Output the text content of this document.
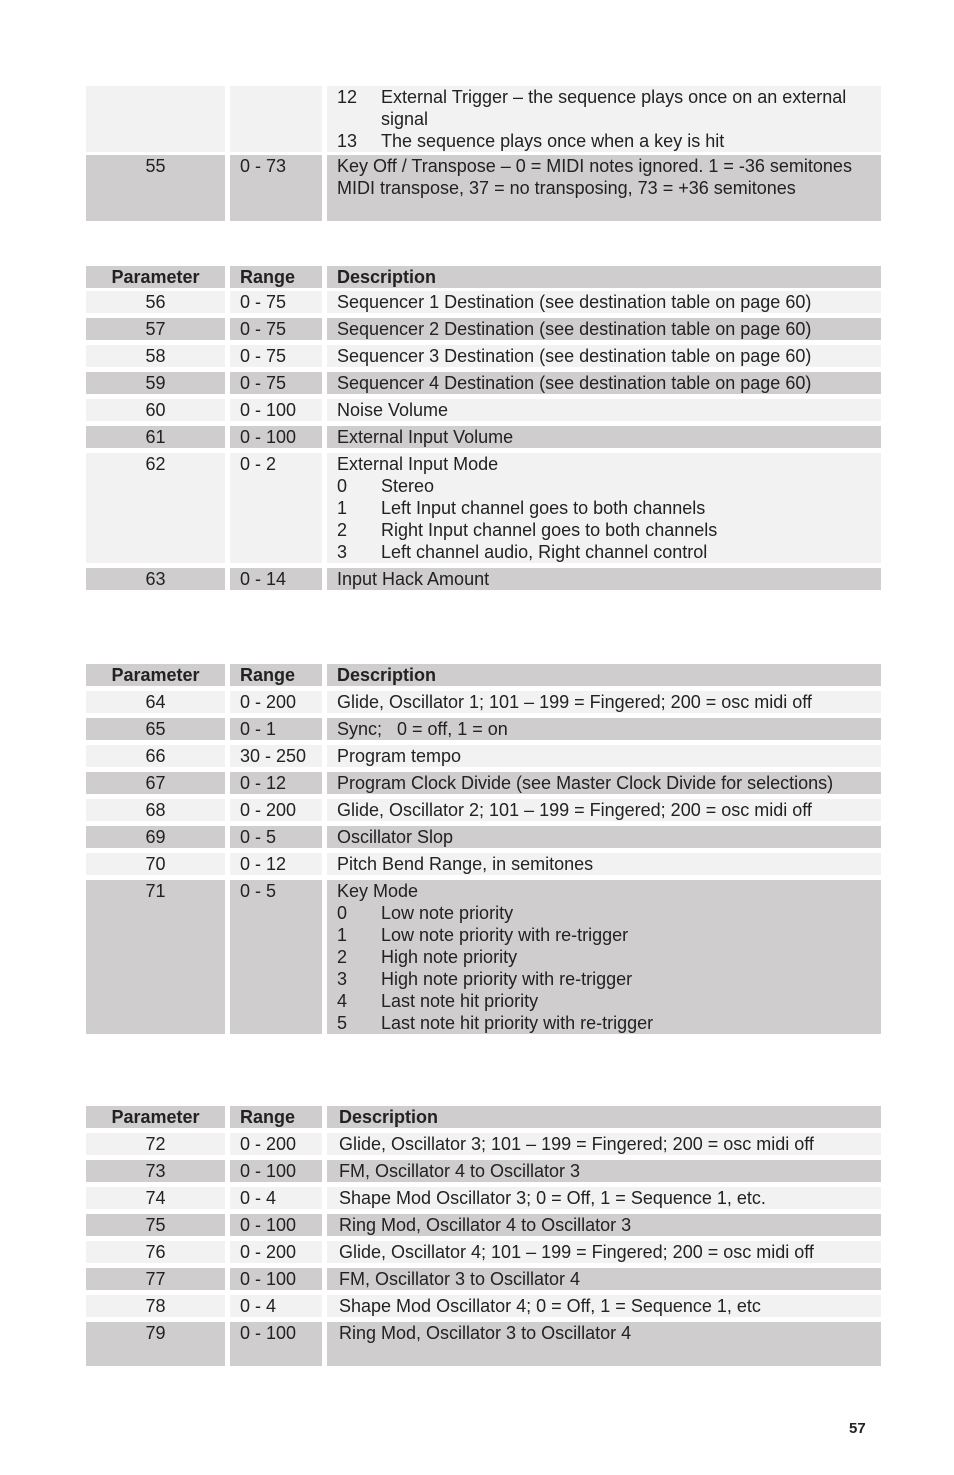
12	External Trigger – the sequence plays once on an external signal
13	The sequence plays once when a key is hit
55	0 - 73	Key Off / Transpose – 0 = MIDI notes ignored. 1 = -36 semitones MIDI transpose, 37 = no transposing, 73 = +36 semitones
Parameter	Range	Description
56	0 - 75	Sequencer 1 Destination (see destination table on page 60)
57	0 - 75	Sequencer 2 Destination (see destination table on page 60)
58	0 - 75	Sequencer 3 Destination (see destination table on page 60)
59	0 - 75	Sequencer 4 Destination (see destination table on page 60)
60	0 - 100	Noise Volume
61	0 - 100	External Input Volume
62	0 - 2	External Input Mode
0	Stereo
1	Left Input channel goes to both channels
2	Right Input channel goes to both channels
3	Left channel audio, Right channel control
63	0 - 14	Input Hack Amount
Parameter	Range	Description
64	0 - 200	Glide, Oscillator 1; 101 – 199 = Fingered; 200 = osc midi off
65	0 - 1	Sync;   0 = off, 1 = on
66	30 - 250	Program tempo
67	0 - 12	Program Clock Divide (see Master Clock Divide for selections)
68	0 - 200	Glide, Oscillator 2; 101 – 199 = Fingered; 200 = osc midi off
69	0 - 5	Oscillator Slop
70	0 - 12	Pitch Bend Range, in semitones
71	0 - 5	Key Mode
0	Low note priority
1	Low note priority with re-trigger
2	High note priority
3	High note priority with re-trigger
4	Last note hit priority
5	Last note hit priority with re-trigger
Parameter	Range	Description
72	0 - 200	Glide, Oscillator 3; 101 – 199 = Fingered; 200 = osc midi off
73	0 - 100	FM, Oscillator 4 to Oscillator 3
74	0 - 4	Shape Mod Oscillator 3; 0 = Off, 1 = Sequence 1, etc.
75	0 - 100	Ring Mod, Oscillator 4 to Oscillator 3
76	0 - 200	Glide, Oscillator 4; 101 – 199 = Fingered; 200 = osc midi off
77	0 - 100	FM, Oscillator 3 to Oscillator 4
78	0 - 4	Shape Mod Oscillator 4; 0 = Off, 1 = Sequence 1, etc
79	0 - 100	Ring Mod, Oscillator 3 to Oscillator 4
57
